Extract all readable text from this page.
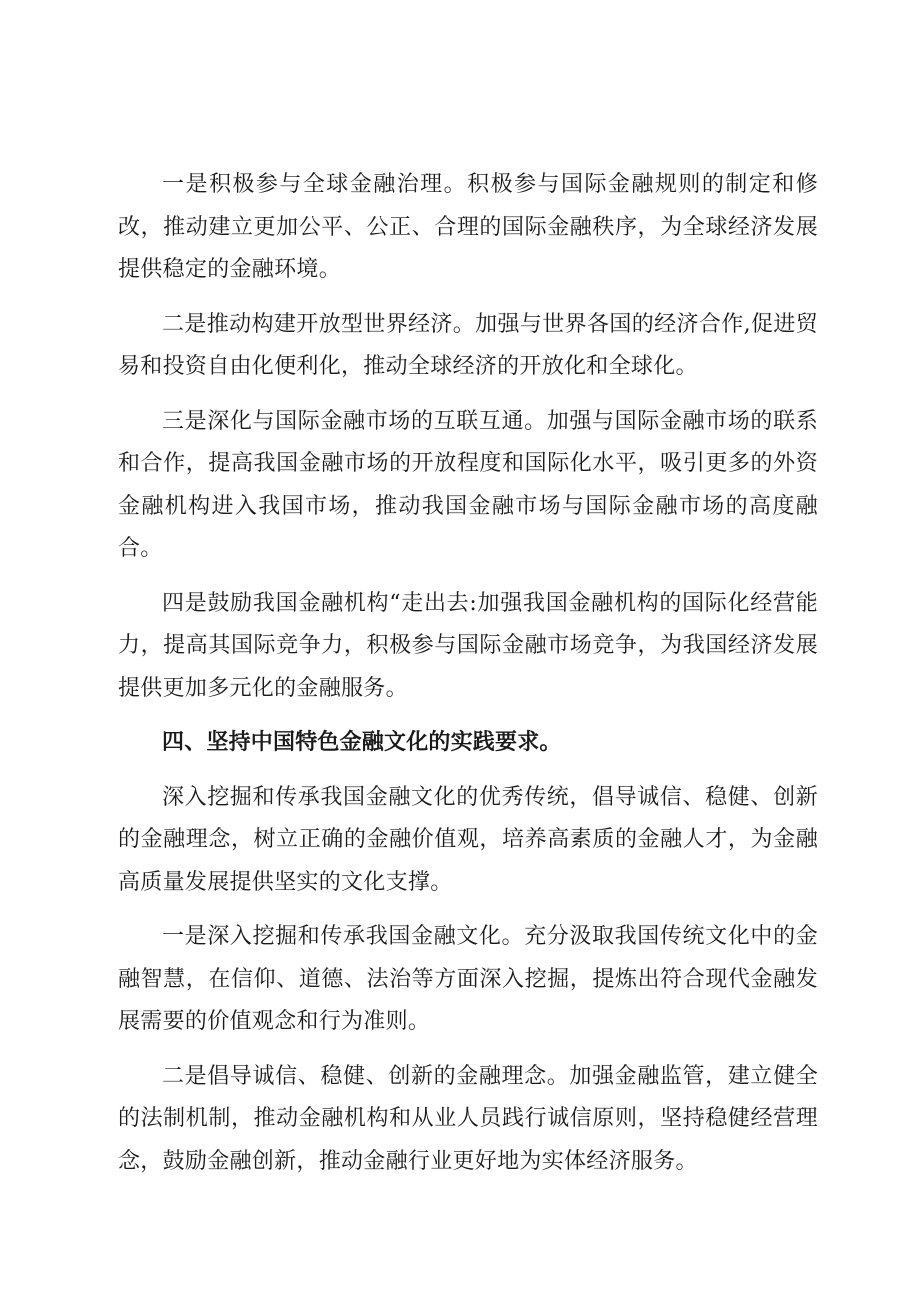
一是积极参与全球金融治理。积极参与国际金融规则的制定和修改，推动建立更加公平、公正、合理的国际金融秩序，为全球经济发展提供稳定的金融环境。

二是推动构建开放型世界经济。加强与世界各国的经济合作,促进贸易和投资自由化便利化，推动全球经济的开放化和全球化。

三是深化与国际金融市场的互联互通。加强与国际金融市场的联系和合作，提高我国金融市场的开放程度和国际化水平，吸引更多的外资金融机构进入我国市场，推动我国金融市场与国际金融市场的高度融合。

四是鼓励我国金融机构“走出去:加强我国金融机构的国际化经营能力，提高其国际竞争力，积极参与国际金融市场竞争，为我国经济发展提供更加多元化的金融服务。

四、坚持中国特色金融文化的实践要求。

深入挖掘和传承我国金融文化的优秀传统，倡导诚信、稳健、创新的金融理念，树立正确的金融价值观，培养高素质的金融人才，为金融高质量发展提供坚实的文化支撑。

一是深入挖掘和传承我国金融文化。充分汲取我国传统文化中的金融智慧，在信仰、道德、法治等方面深入挖掘，提炼出符合现代金融发展需要的价值观念和行为准则。

二是倡导诚信、稳健、创新的金融理念。加强金融监管，建立健全的法制机制，推动金融机构和从业人员践行诚信原则，坚持稳健经营理念，鼓励金融创新，推动金融行业更好地为实体经济服务。
